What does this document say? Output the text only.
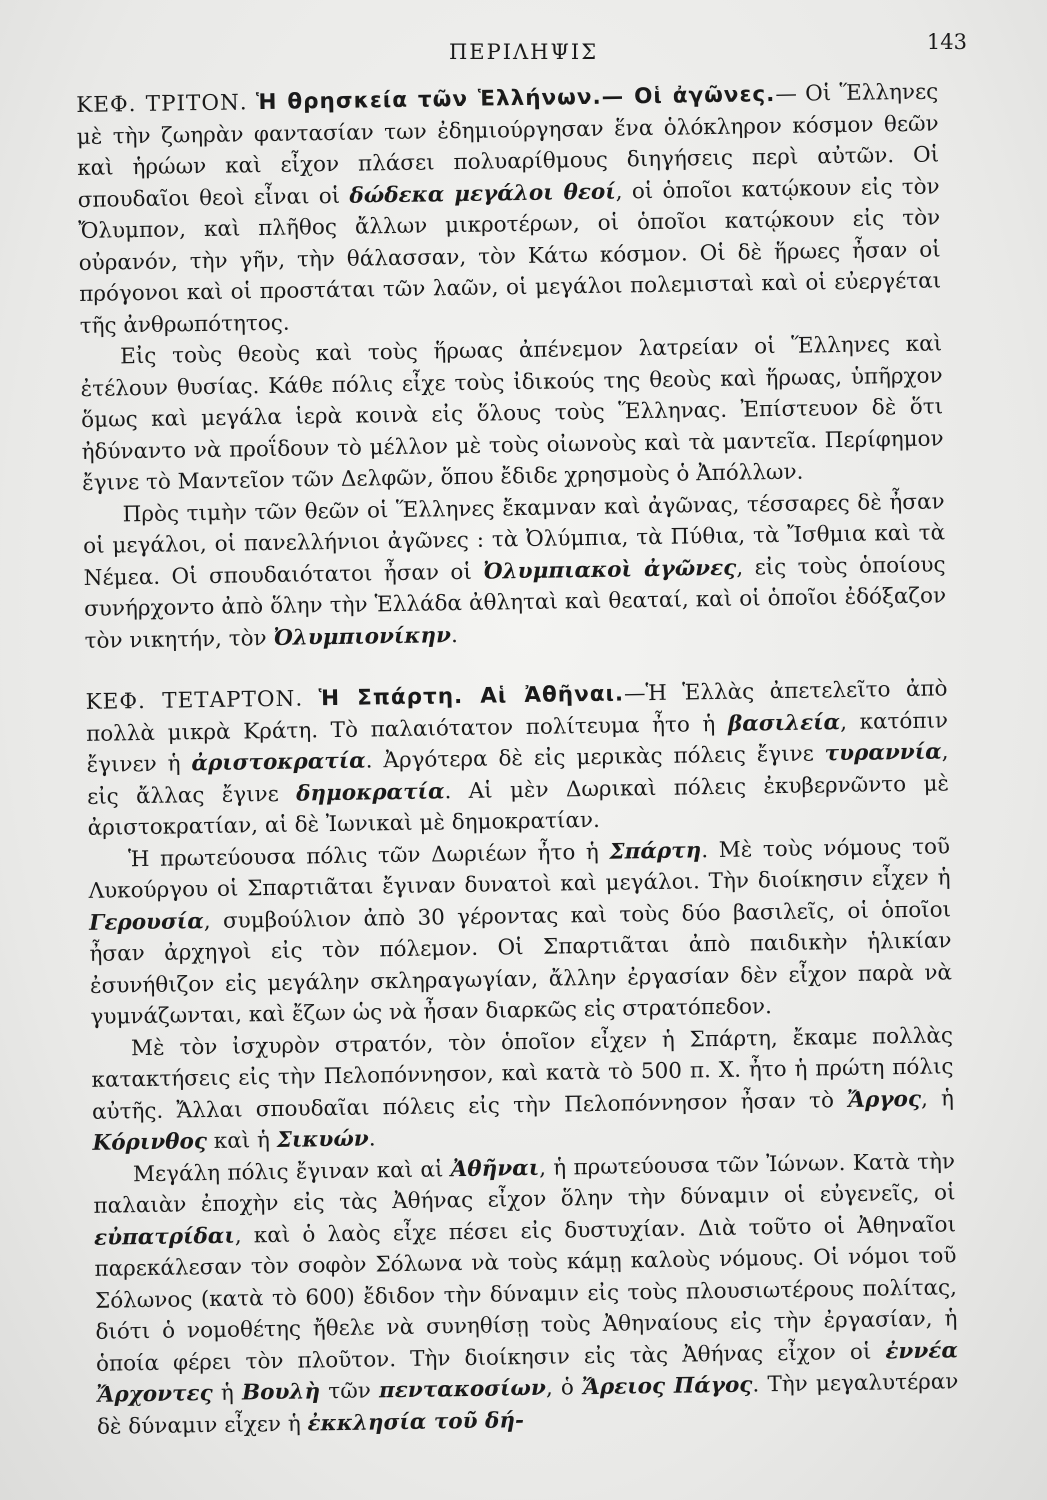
ΠΕΡΙΛΗΨΙΣ	143

ΚΕΦ. ΤΡΙΤΟΝ. Ἡ θρησκεία τῶν Ἑλλήνων.— Οἱ ἀγῶνες.— Οἱ Ἕλληνες μὲ τὴν ζωηρὰν φαντασίαν των ἐδημιούργησαν ἕνα ὁλόκληρον κόσμον θεῶν καὶ ἡρώων καὶ εἶχον πλάσει πολυαρίθμους διηγήσεις περὶ αὐτῶν. Οἱ σπουδαῖοι θεοὶ εἶναι οἱ δώδεκα μεγάλοι θεοί, οἱ ὁποῖοι κατῴκουν εἰς τὸν Ὄλυμπον, καὶ πλῆθος ἄλλων μικροτέρων, οἱ ὁποῖοι κατῴκουν εἰς τὸν οὐρανόν, τὴν γῆν, τὴν θάλασσαν, τὸν Κάτω κόσμον. Οἱ δὲ ἥρωες ἦσαν οἱ πρόγονοι καὶ οἱ προστάται τῶν λαῶν, οἱ μεγάλοι πολεμισταὶ καὶ οἱ εὐεργέται τῆς ἀνθρωπότητος.

Εἰς τοὺς θεοὺς καὶ τοὺς ἥρωας ἀπένεμον λατρείαν οἱ Ἕλληνες καὶ ἐτέλουν θυσίας. Κάθε πόλις εἶχε τοὺς ἰδικούς της θεοὺς καὶ ἥρωας, ὑπῆρχον ὅμως καὶ μεγάλα ἱερὰ κοινὰ εἰς ὅλους τοὺς Ἕλληνας. Ἐπίστευον δὲ ὅτι ἠδύναντο νὰ προΐδουν τὸ μέλλον μὲ τοὺς οἰωνοὺς καὶ τὰ μαντεῖα. Περίφημον ἔγινε τὸ Μαντεῖον τῶν Δελφῶν, ὅπου ἔδιδε χρησμοὺς ὁ Ἀπόλλων.

Πρὸς τιμὴν τῶν θεῶν οἱ Ἕλληνες ἔκαμναν καὶ ἀγῶνας, τέσσαρες δὲ ἦσαν οἱ μεγάλοι, οἱ πανελλήνιοι ἀγῶνες : τὰ Ὀλύμπια, τὰ Πύθια, τὰ Ἴσθμια καὶ τὰ Νέμεα. Οἱ σπουδαιότατοι ἦσαν οἱ Ὀλυμπιακοὶ ἀγῶνες, εἰς τοὺς ὁποίους συνήρχοντο ἀπὸ ὅλην τὴν Ἑλλάδα ἀθληταὶ καὶ θεαταί, καὶ οἱ ὁποῖοι ἐδόξαζον τὸν νικητήν, τὸν Ὀλυμπιονίκην.

ΚΕΦ. ΤΕΤΑΡΤΟΝ. Ἡ Σπάρτη. Αἱ Ἀθῆναι.—Ἡ Ἑλλὰς ἀπετελεῖτο ἀπὸ πολλὰ μικρὰ Κράτη. Τὸ παλαιότατον πολίτευμα ἦτο ἡ βασιλεία, κατόπιν ἔγινεν ἡ ἀριστοκρατία. Ἀργότερα δὲ εἰς μερικὰς πόλεις ἔγινε τυραννία, εἰς ἄλλας ἔγινε δημοκρατία. Αἱ μὲν Δωρικαὶ πόλεις ἐκυβερνῶντο μὲ ἀριστοκρατίαν, αἱ δὲ Ἰωνικαὶ μὲ δημοκρατίαν.

Ἡ πρωτεύουσα πόλις τῶν Δωριέων ἦτο ἡ Σπάρτη. Μὲ τοὺς νόμους τοῦ Λυκούργου οἱ Σπαρτιᾶται ἔγιναν δυνατοὶ καὶ μεγάλοι. Τὴν διοίκησιν εἶχεν ἡ Γερουσία, συμβούλιον ἀπὸ 30 γέροντας καὶ τοὺς δύο βασιλεῖς, οἱ ὁποῖοι ἦσαν ἀρχηγοὶ εἰς τὸν πόλεμον. Οἱ Σπαρτιᾶται ἀπὸ παιδικὴν ἡλικίαν ἐσυνήθιζον εἰς μεγάλην σκληραγωγίαν, ἄλλην ἐργασίαν δὲν εἶχον παρὰ νὰ γυμνάζωνται, καὶ ἔζων ὡς νὰ ἦσαν διαρκῶς εἰς στρατόπεδον.

Μὲ τὸν ἰσχυρὸν στρατόν, τὸν ὁποῖον εἶχεν ἡ Σπάρτη, ἔκαμε πολλὰς κατακτήσεις εἰς τὴν Πελοπόννησον, καὶ κατὰ τὸ 500 π. Χ. ἦτο ἡ πρώτη πόλις αὐτῆς. Ἄλλαι σπουδαῖαι πόλεις εἰς τὴν Πελοπόννησον ἦσαν τὸ Ἄργος, ἡ Κόρινθος καὶ ἡ Σικυών.

Μεγάλη πόλις ἔγιναν καὶ αἱ Ἀθῆναι, ἡ πρωτεύουσα τῶν Ἰώνων. Κατὰ τὴν παλαιὰν ἐποχὴν εἰς τὰς Ἀθήνας εἶχον ὅλην τὴν δύναμιν οἱ εὐγενεῖς, οἱ εὐπατρίδαι, καὶ ὁ λαὸς εἶχε πέσει εἰς δυστυχίαν. Διὰ τοῦτο οἱ Ἀθηναῖοι παρεκάλεσαν τὸν σοφὸν Σόλωνα νὰ τοὺς κάμῃ καλοὺς νόμους. Οἱ νόμοι τοῦ Σόλωνος (κατὰ τὸ 600) ἔδιδον τὴν δύναμιν εἰς τοὺς πλουσιωτέρους πολίτας, διότι ὁ νομοθέτης ἤθελε νὰ συνηθίσῃ τοὺς Ἀθηναίους εἰς τὴν ἐργασίαν, ἡ ὁποία φέρει τὸν πλοῦτον. Τὴν διοίκησιν εἰς τὰς Ἀθήνας εἶχον οἱ ἐννέα Ἄρχοντες ἡ Βουλὴ τῶν πεντακοσίων, ὁ Ἄρειος Πάγος. Τὴν μεγαλυτέραν δὲ δύναμιν εἶχεν ἡ ἐκκλησία τοῦ δή-
